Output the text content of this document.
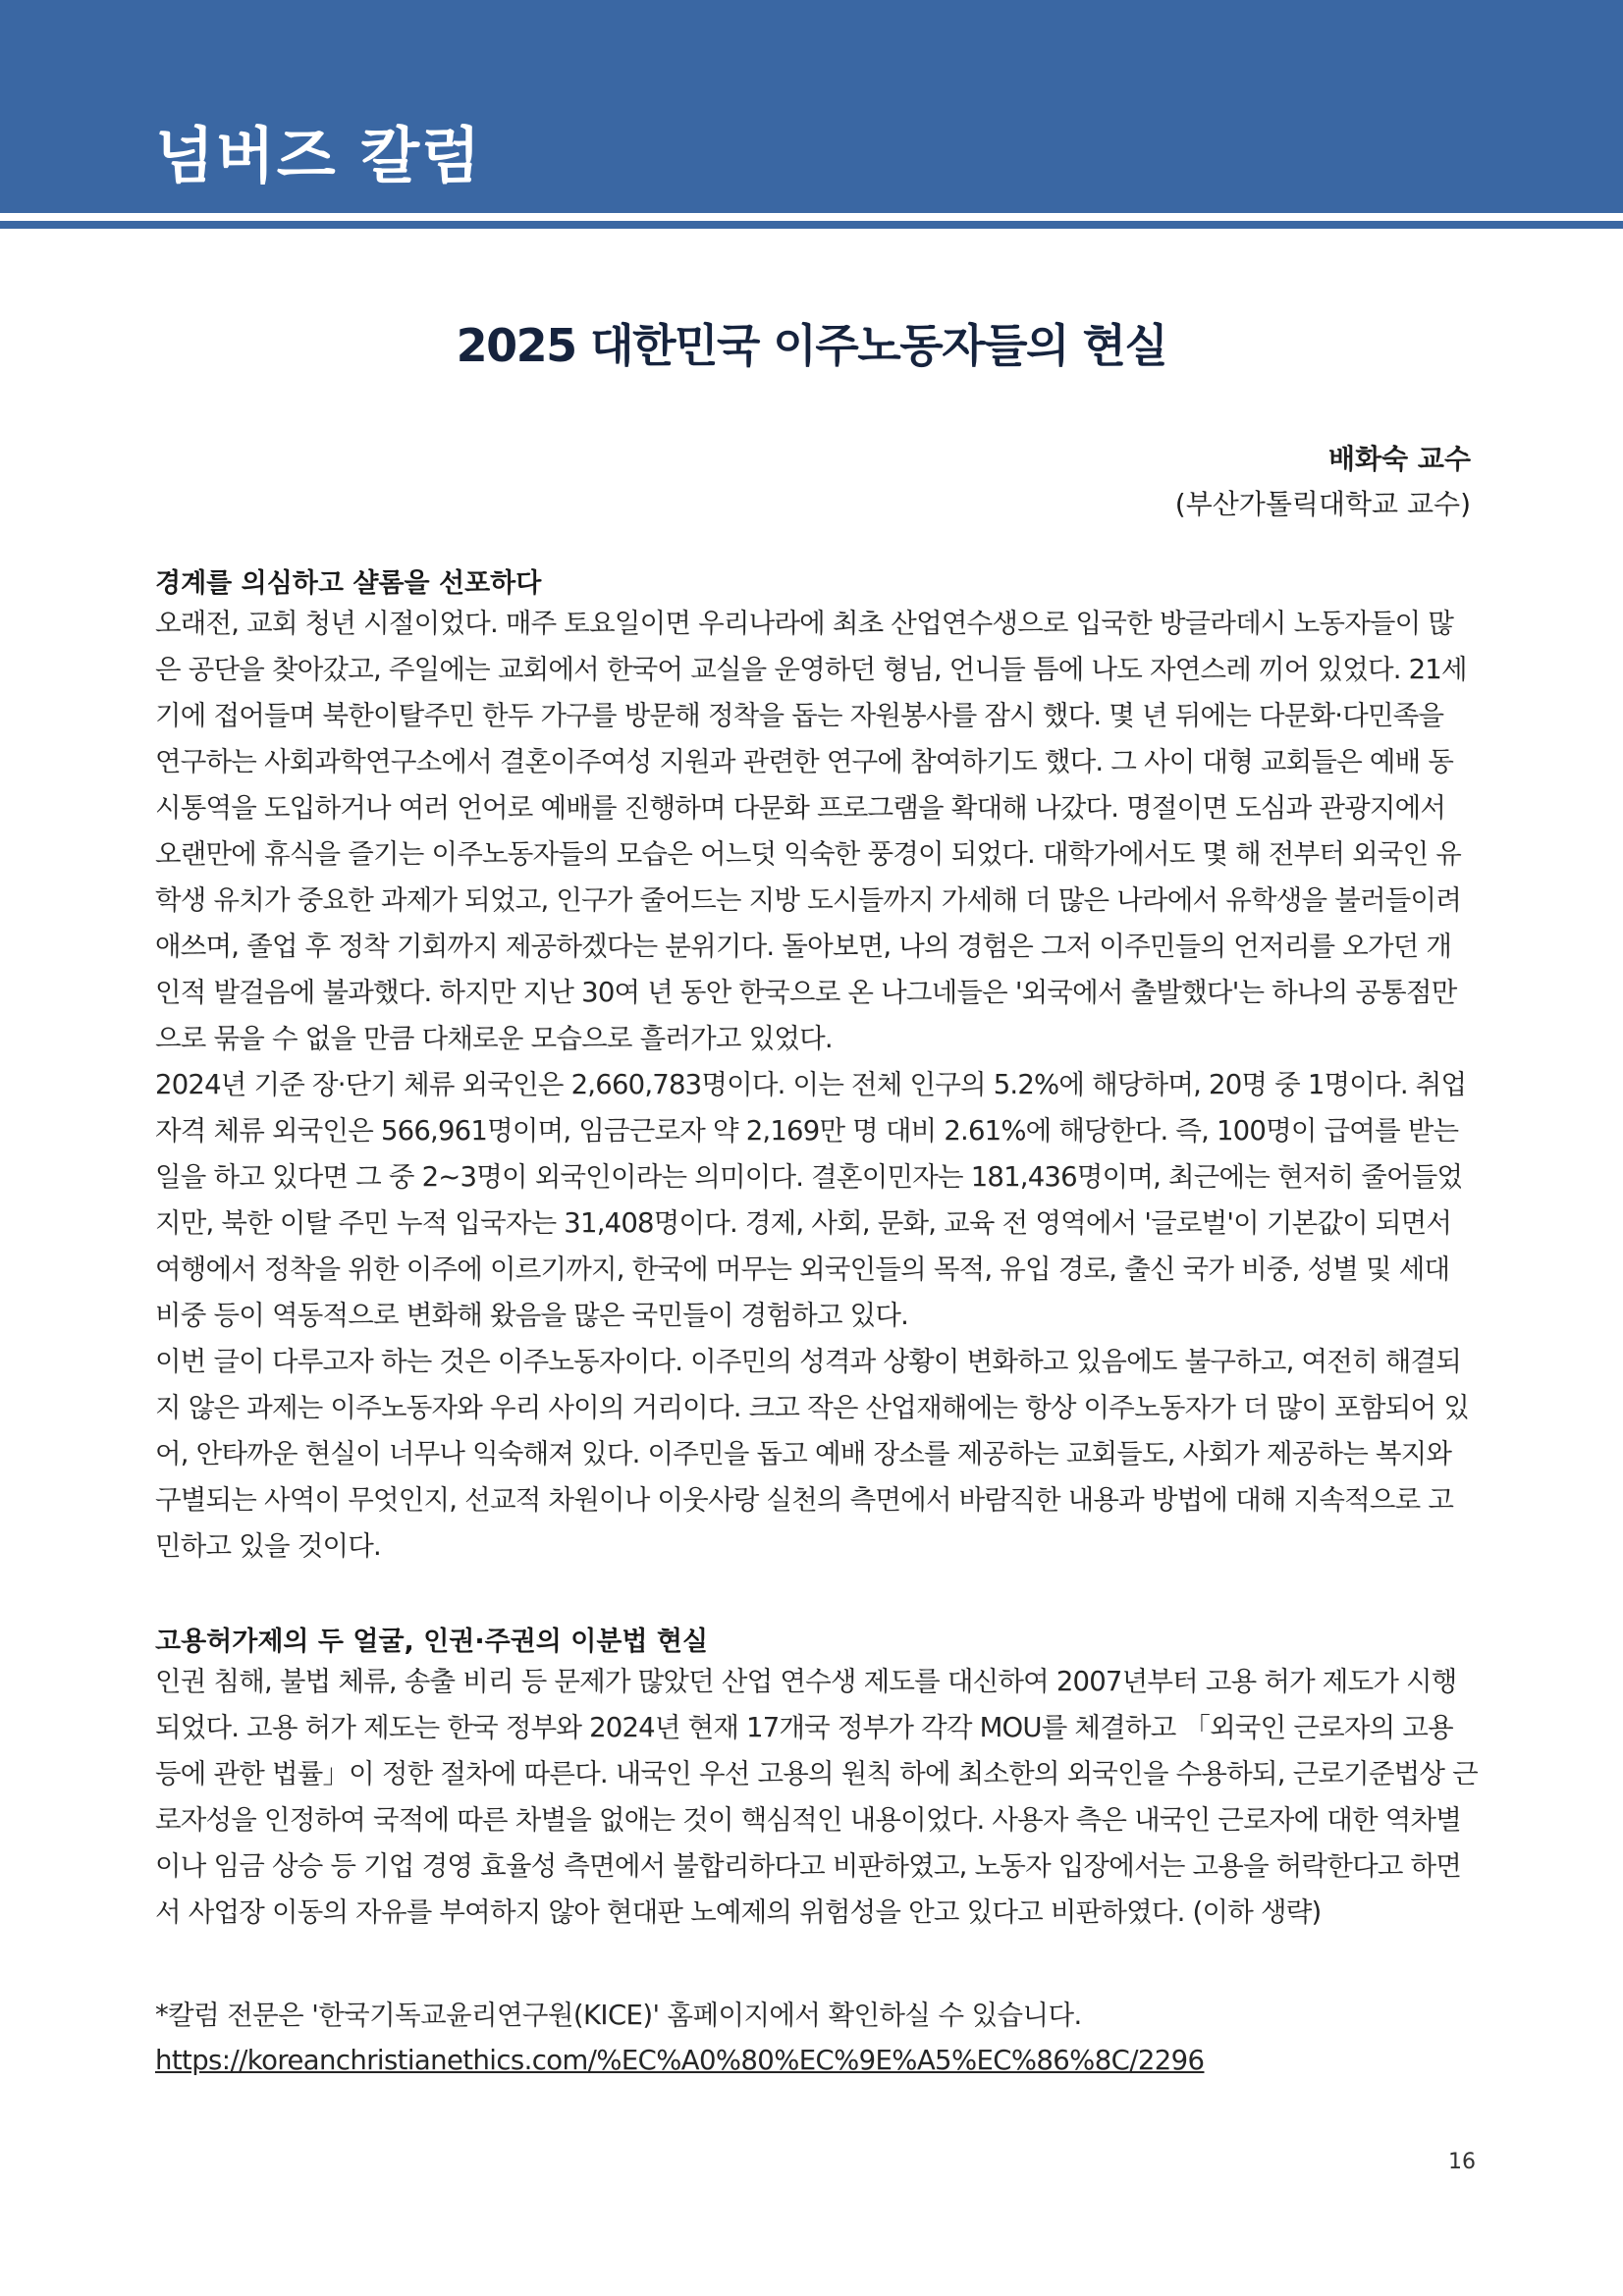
넘버즈 칼럼
2025 대한민국 이주노동자들의 현실
배화숙 교수
(부산가톨릭대학교 교수)
경계를 의심하고 샬롬을 선포하다
오래전, 교회 청년 시절이었다. 매주 토요일이면 우리나라에 최초 산업연수생으로 입국한 방글라데시 노동자들이 많
은 공단을 찾아갔고, 주일에는 교회에서 한국어 교실을 운영하던 형님, 언니들 틈에 나도 자연스레 끼어 있었다. 21세
기에 접어들며 북한이탈주민 한두 가구를 방문해 정착을 돕는 자원봉사를 잠시 했다. 몇 년 뒤에는 다문화·다민족을
연구하는 사회과학연구소에서 결혼이주여성 지원과 관련한 연구에 참여하기도 했다. 그 사이 대형 교회들은 예배 동
시통역을 도입하거나 여러 언어로 예배를 진행하며 다문화 프로그램을 확대해 나갔다. 명절이면 도심과 관광지에서
오랜만에 휴식을 즐기는 이주노동자들의 모습은 어느덧 익숙한 풍경이 되었다. 대학가에서도 몇 해 전부터 외국인 유
학생 유치가 중요한 과제가 되었고, 인구가 줄어드는 지방 도시들까지 가세해 더 많은 나라에서 유학생을 불러들이려
애쓰며, 졸업 후 정착 기회까지 제공하겠다는 분위기다. 돌아보면, 나의 경험은 그저 이주민들의 언저리를 오가던 개
인적 발걸음에 불과했다. 하지만 지난 30여 년 동안 한국으로 온 나그네들은 '외국에서 출발했다'는 하나의 공통점만
으로 묶을 수 없을 만큼 다채로운 모습으로 흘러가고 있었다.
2024년 기준 장·단기 체류 외국인은 2,660,783명이다. 이는 전체 인구의 5.2%에 해당하며, 20명 중 1명이다. 취업
자격 체류 외국인은 566,961명이며, 임금근로자 약 2,169만 명 대비 2.61%에 해당한다. 즉, 100명이 급여를 받는
일을 하고 있다면 그 중 2~3명이 외국인이라는 의미이다. 결혼이민자는 181,436명이며, 최근에는 현저히 줄어들었
지만, 북한 이탈 주민 누적 입국자는 31,408명이다. 경제, 사회, 문화, 교육 전 영역에서 '글로벌'이 기본값이 되면서
여행에서 정착을 위한 이주에 이르기까지, 한국에 머무는 외국인들의 목적, 유입 경로, 출신 국가 비중, 성별 및 세대
비중 등이 역동적으로 변화해 왔음을 많은 국민들이 경험하고 있다.
이번 글이 다루고자 하는 것은 이주노동자이다. 이주민의 성격과 상황이 변화하고 있음에도 불구하고, 여전히 해결되
지 않은 과제는 이주노동자와 우리 사이의 거리이다. 크고 작은 산업재해에는 항상 이주노동자가 더 많이 포함되어 있
어, 안타까운 현실이 너무나 익숙해져 있다. 이주민을 돕고 예배 장소를 제공하는 교회들도, 사회가 제공하는 복지와
구별되는 사역이 무엇인지, 선교적 차원이나 이웃사랑 실천의 측면에서 바람직한 내용과 방법에 대해 지속적으로 고
민하고 있을 것이다.
고용허가제의 두 얼굴, 인권·주권의 이분법 현실
인권 침해, 불법 체류, 송출 비리 등 문제가 많았던 산업 연수생 제도를 대신하여 2007년부터 고용 허가 제도가 시행
되었다. 고용 허가 제도는 한국 정부와 2024년 현재 17개국 정부가 각각 MOU를 체결하고 「외국인 근로자의 고용
등에 관한 법률」이 정한 절차에 따른다. 내국인 우선 고용의 원칙 하에 최소한의 외국인을 수용하되, 근로기준법상 근
로자성을 인정하여 국적에 따른 차별을 없애는 것이 핵심적인 내용이었다. 사용자 측은 내국인 근로자에 대한 역차별
이나 임금 상승 등 기업 경영 효율성 측면에서 불합리하다고 비판하였고, 노동자 입장에서는 고용을 허락한다고 하면
서 사업장 이동의 자유를 부여하지 않아 현대판 노예제의 위험성을 안고 있다고 비판하였다. (이하 생략)
*칼럼 전문은 '한국기독교윤리연구원(KICE)' 홈페이지에서 확인하실 수 있습니다.
https://koreanchristianethics.com/%EC%A0%80%EC%9E%A5%EC%86%8C/2296
16
